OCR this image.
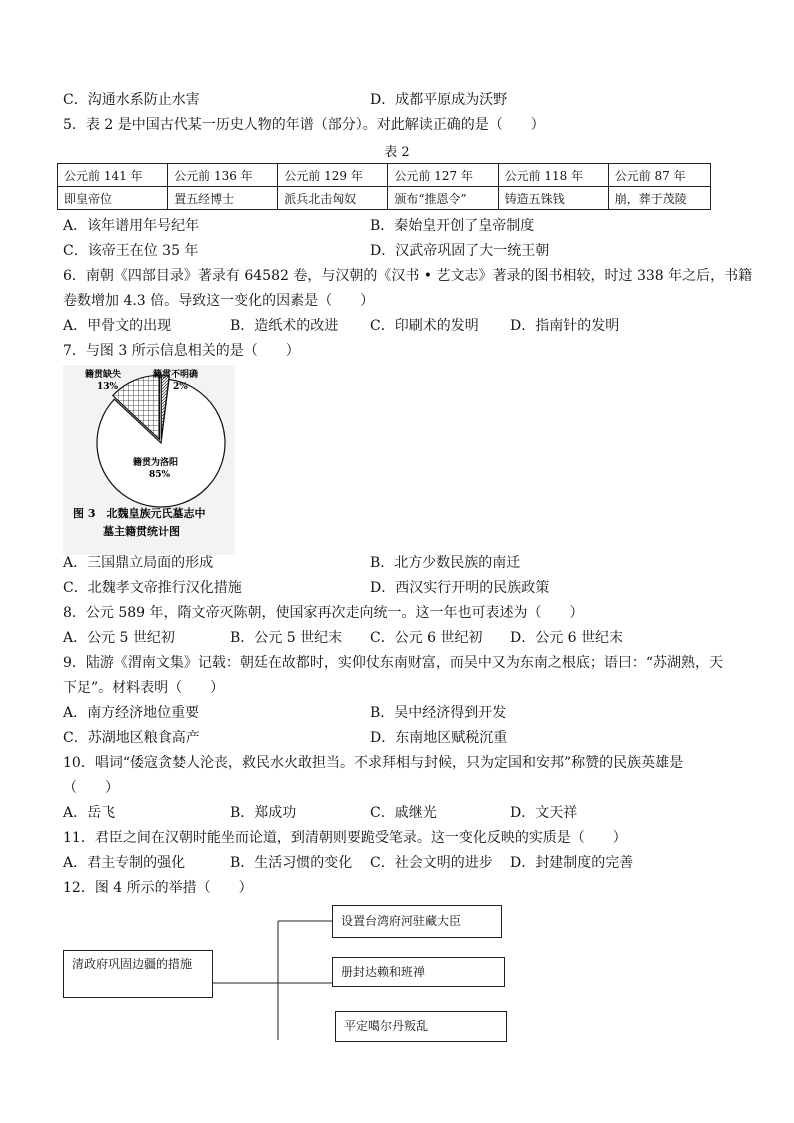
C．沟通水系防止水害	D．成都平原成为沃野
5．表 2 是中国古代某一历史人物的年谱（部分）。对此解读正确的是（　　）
表 2
公元前 141 年	公元前 136 年	公元前 129 年	公元前 127 年	公元前 118 年	公元前 87 年
即皇帝位	置五经博士	派兵北击匈奴	颁布“推恩令”	铸造五铢钱	崩，葬于茂陵
A．该年谱用年号纪年	B．秦始皇开创了皇帝制度
C．该帝王在位 35 年	D．汉武帝巩固了大一统王朝
6．南朝《四部目录》著录有 64582 卷，与汉朝的《汉书 • 艺文志》著录的图书相较，时过 338 年之后，书籍
卷数增加 4.3 倍。导致这一变化的因素是（　　）
A．甲骨文的出现	B．造纸术的改进 C．印刷术的发明 D．指南针的发明
7．与图 3 所示信息相关的是（　　）
籍贯缺失
13%
籍贯不明确
2%
籍贯为洛阳
85%
图 3　北魏皇族元氏墓志中
墓主籍贯统计图
A．三国鼎立局面的形成	B．北方少数民族的南迁
C．北魏孝文帝推行汉化措施	D．西汉实行开明的民族政策
8．公元 589 年，隋文帝灭陈朝，使国家再次走向统一。这一年也可表述为（　　）
A．公元 5 世纪初	B．公元 5 世纪末 C．公元 6 世纪初 D．公元 6 世纪末
9．陆游《渭南文集》记载：朝廷在故都时，实仰仗东南财富，而吴中又为东南之根底；语曰：“苏湖熟，天
下足”。材料表明（　　）
A．南方经济地位重要	B．吴中经济得到开发
C．苏湖地区粮食高产	D．东南地区赋税沉重
10．唱词“倭寇贪婪人沦丧，救民水火敢担当。不求拜相与封候，只为定国和安邦”称赞的民族英雄是
（　　）
A．岳飞	B．郑成功	C．戚继光	D．文天祥
11．君臣之间在汉朝时能坐而论道，到清朝则要跪受笔录。这一变化反映的实质是（　　）
A．君主专制的强化	B．生活习惯的变化 C．社会文明的进步 D．封建制度的完善
12．图 4 所示的举措（　　）
清政府巩固边疆的措施
设置台湾府河驻藏大臣
册封达赖和班禅
平定噶尔丹叛乱
